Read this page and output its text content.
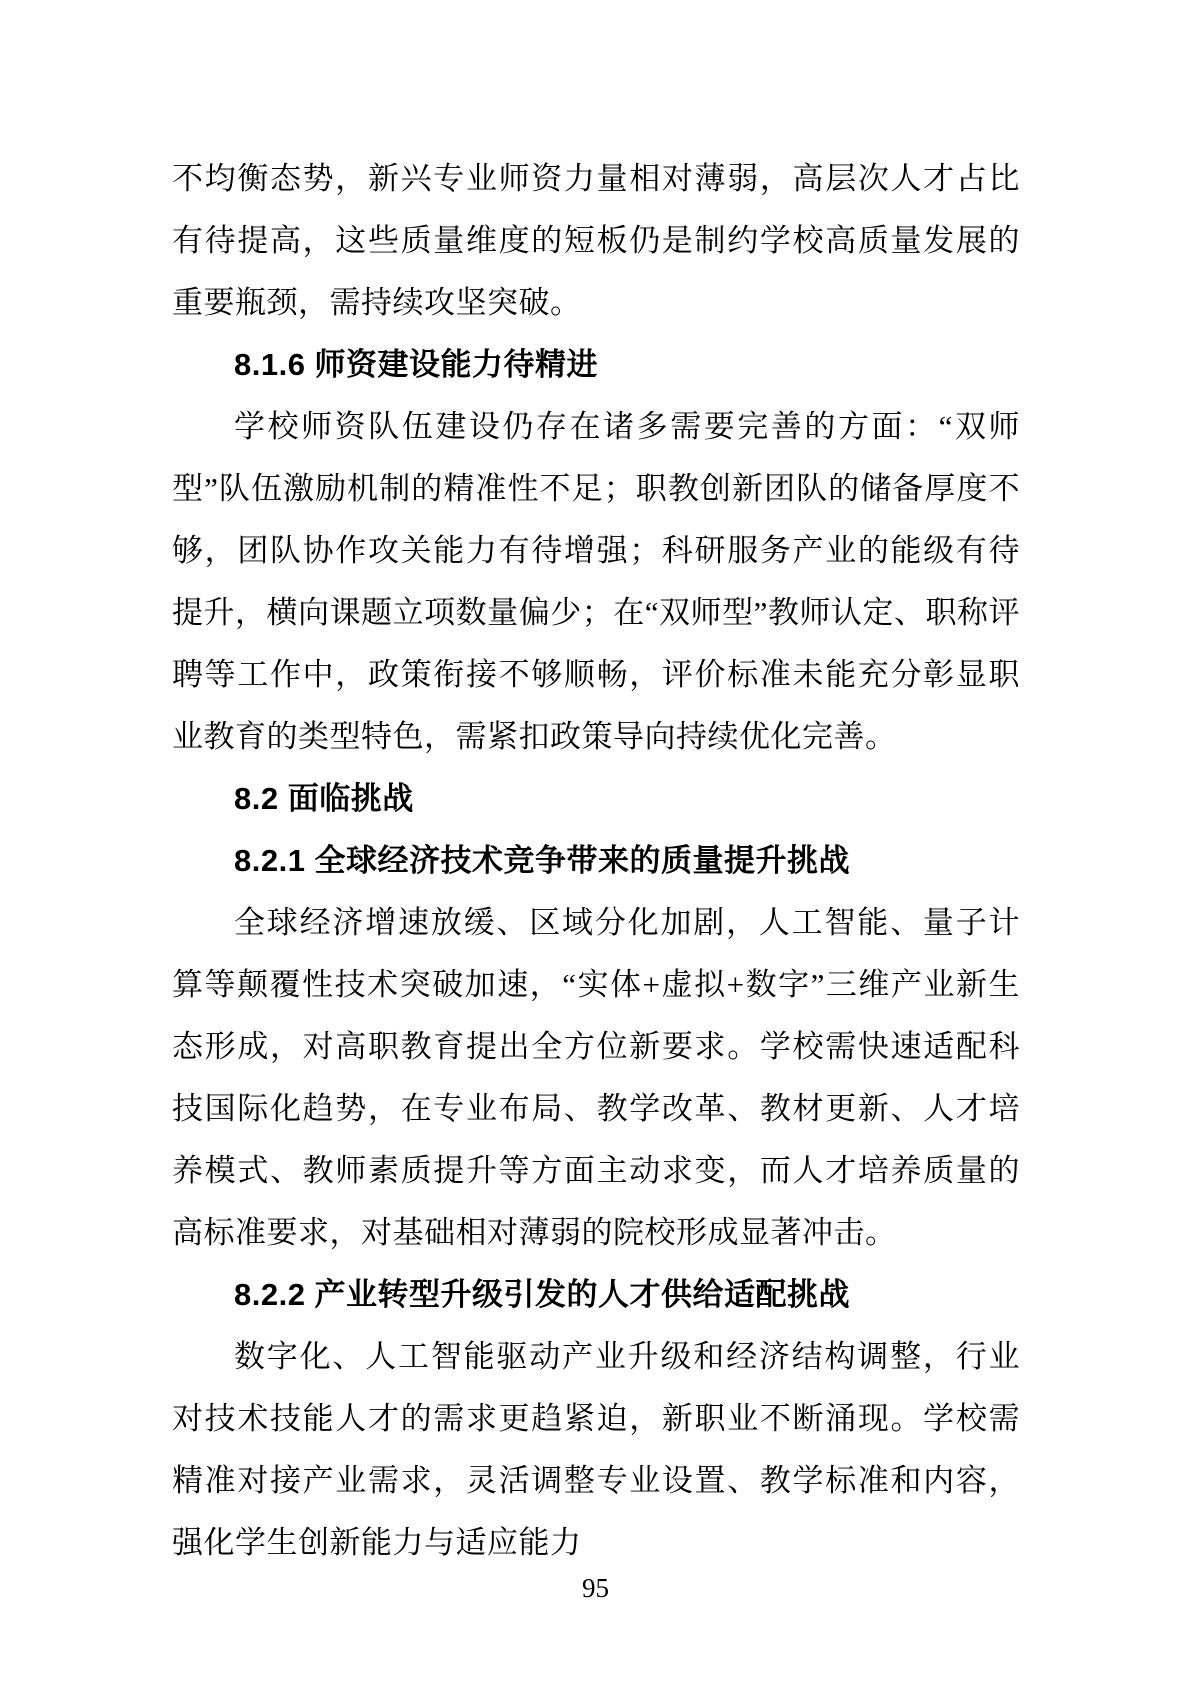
不均衡态势，新兴专业师资力量相对薄弱，高层次人才占比有待提高，这些质量维度的短板仍是制约学校高质量发展的重要瓶颈，需持续攻坚突破。

8.1.6 师资建设能力待精进

学校师资队伍建设仍存在诸多需要完善的方面：“双师型”队伍激励机制的精准性不足；职教创新团队的储备厚度不够，团队协作攻关能力有待增强；科研服务产业的能级有待提升，横向课题立项数量偏少；在“双师型”教师认定、职称评聘等工作中，政策衔接不够顺畅，评价标准未能充分彰显职业教育的类型特色，需紧扣政策导向持续优化完善。

8.2 面临挑战
8.2.1 全球经济技术竞争带来的质量提升挑战

全球经济增速放缓、区域分化加剧，人工智能、量子计算等颠覆性技术突破加速，“实体+虚拟+数字”三维产业新生态形成，对高职教育提出全方位新要求。学校需快速适配科技国际化趋势，在专业布局、教学改革、教材更新、人才培养模式、教师素质提升等方面主动求变，而人才培养质量的高标准要求，对基础相对薄弱的院校形成显著冲击。

8.2.2 产业转型升级引发的人才供给适配挑战

数字化、人工智能驱动产业升级和经济结构调整，行业对技术技能人才的需求更趋紧迫，新职业不断涌现。学校需精准对接产业需求，灵活调整专业设置、教学标准和内容，强化学生创新能力与适应能力

95
